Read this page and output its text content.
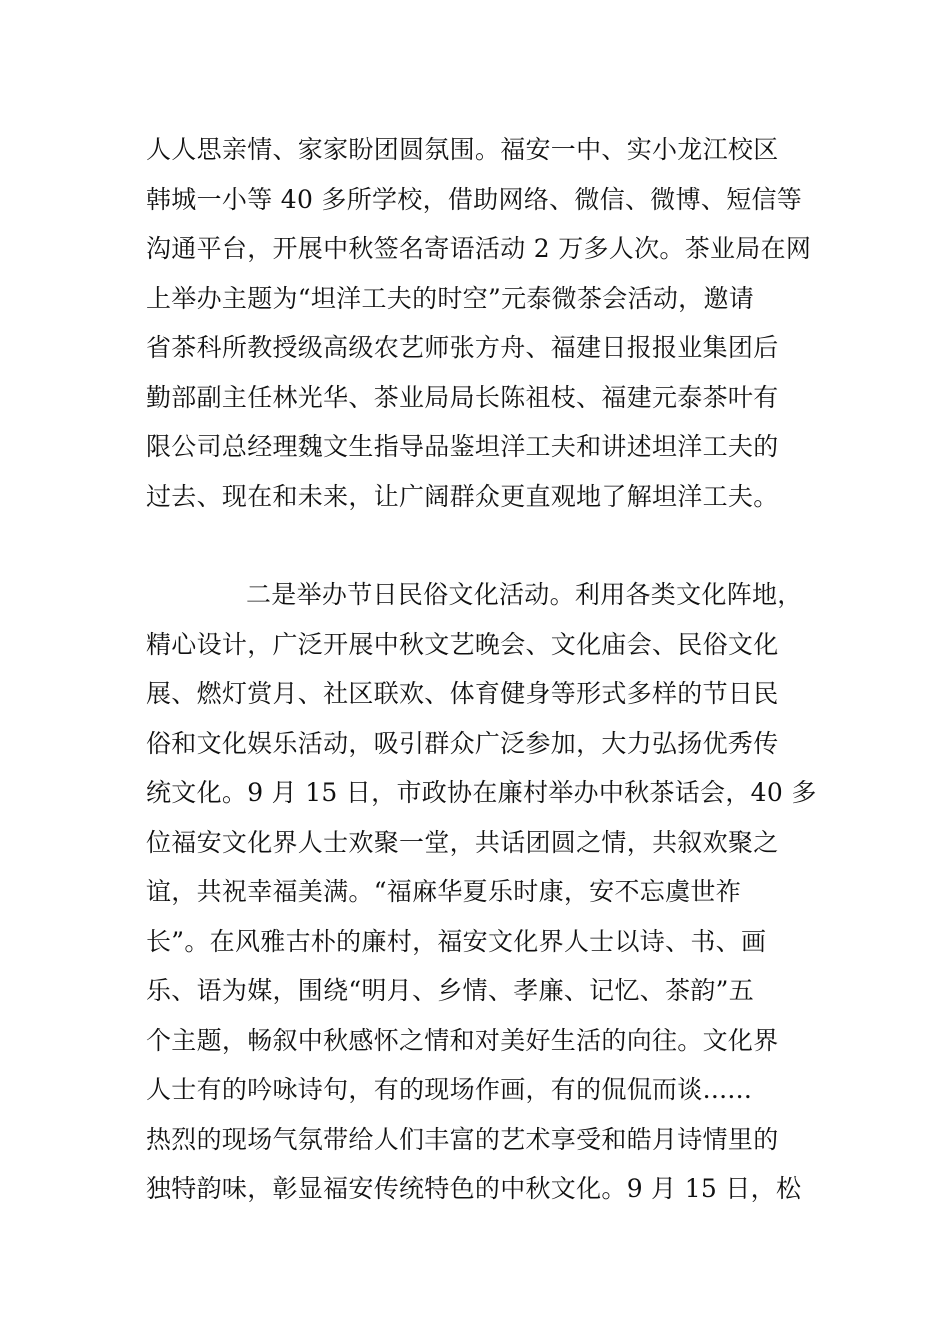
人人思亲情、家家盼团圆氛围。福安一中、实小龙江校区
韩城一小等 40 多所学校，借助网络、微信、微博、短信等
沟通平台，开展中秋签名寄语活动 2 万多人次。茶业局在网
上举办主题为“坦洋工夫的时空”元泰微茶会活动，邀请
省茶科所教授级高级农艺师张方舟、福建日报报业集团后
勤部副主任林光华、茶业局局长陈祖枝、福建元泰茶叶有
限公司总经理魏文生指导品鉴坦洋工夫和讲述坦洋工夫的
过去、现在和未来，让广阔群众更直观地了解坦洋工夫。
二是举办节日民俗文化活动。利用各类文化阵地，
精心设计，广泛开展中秋文艺晚会、文化庙会、民俗文化
展、燃灯赏月、社区联欢、体育健身等形式多样的节日民
俗和文化娱乐活动，吸引群众广泛参加，大力弘扬优秀传
统文化。9 月 15 日，市政协在廉村举办中秋茶话会，40 多
位福安文化界人士欢聚一堂，共话团圆之情，共叙欢聚之
谊，共祝幸福美满。“福麻华夏乐时康，安不忘虞世祚
长”。在风雅古朴的廉村，福安文化界人士以诗、书、画
乐、语为媒，围绕“明月、乡情、孝廉、记忆、茶韵”五
个主题，畅叙中秋感怀之情和对美好生活的向往。文化界
人士有的吟咏诗句，有的现场作画，有的侃侃而谈......
热烈的现场气氛带给人们丰富的艺术享受和皓月诗情里的
独特韵味，彰显福安传统特色的中秋文化。9 月 15 日，松
